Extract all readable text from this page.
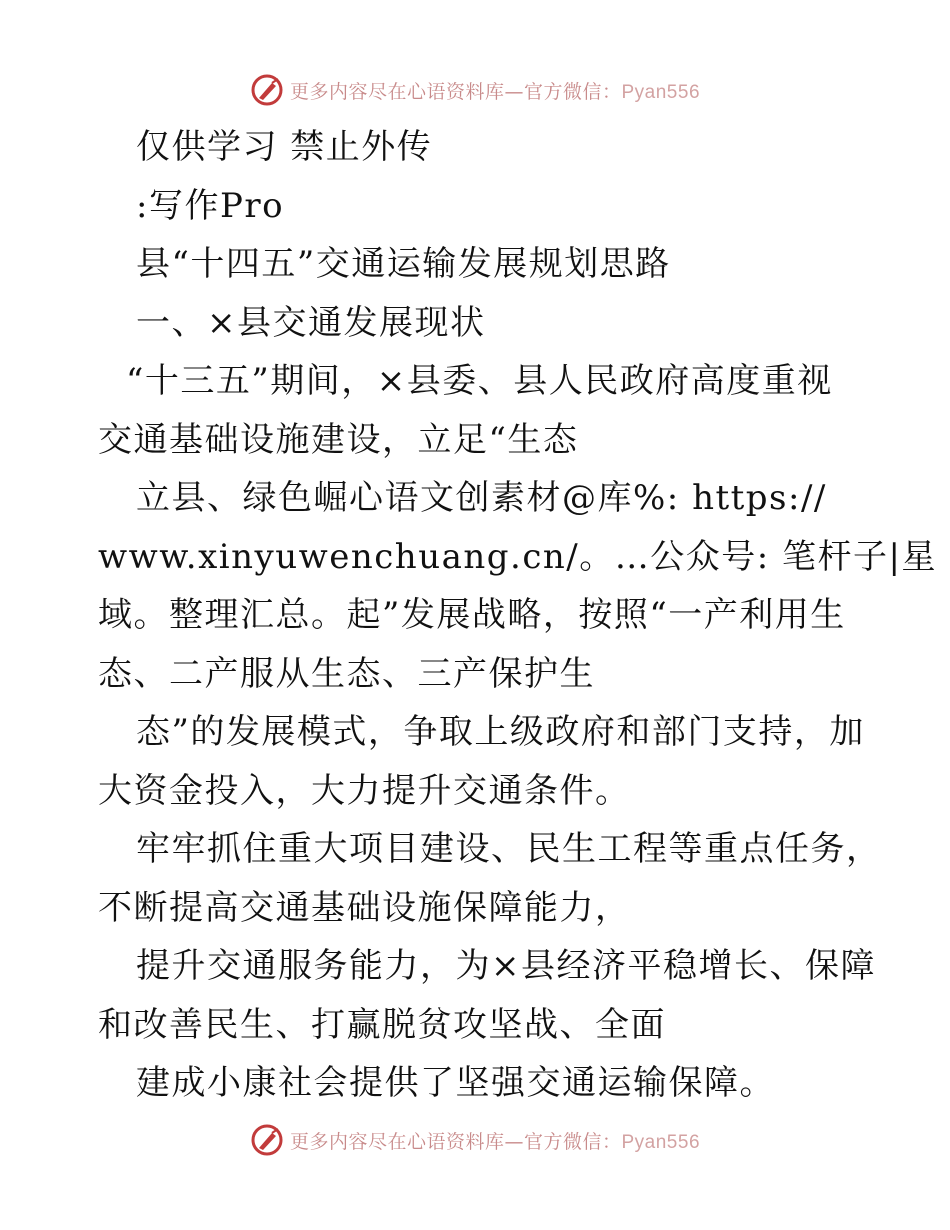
更多内容尽在心语资料库—官方微信：Pyan556
仅供学习 禁止外传
:写作Pro
县“十四五”交通运输发展规划思路
一、×县交通发展现状
“十三五”期间，×县委、县人民政府高度重视
交通基础设施建设，立足“生态
立县、绿色崛心语文创素材@库%: https://
www.xinyuwenchuang.cn/。…公众号: 笔杆子|星
域。整理汇总。起”发展战略，按照“一产利用生
态、二产服从生态、三产保护生
态”的发展模式，争取上级政府和部门支持，加
大资金投入，大力提升交通条件。
牢牢抓住重大项目建设、民生工程等重点任务，
不断提高交通基础设施保障能力，
提升交通服务能力，为×县经济平稳增长、保障
和改善民生、打赢脱贫攻坚战、全面
建成小康社会提供了坚强交通运输保障。
更多内容尽在心语资料库—官方微信：Pyan556
